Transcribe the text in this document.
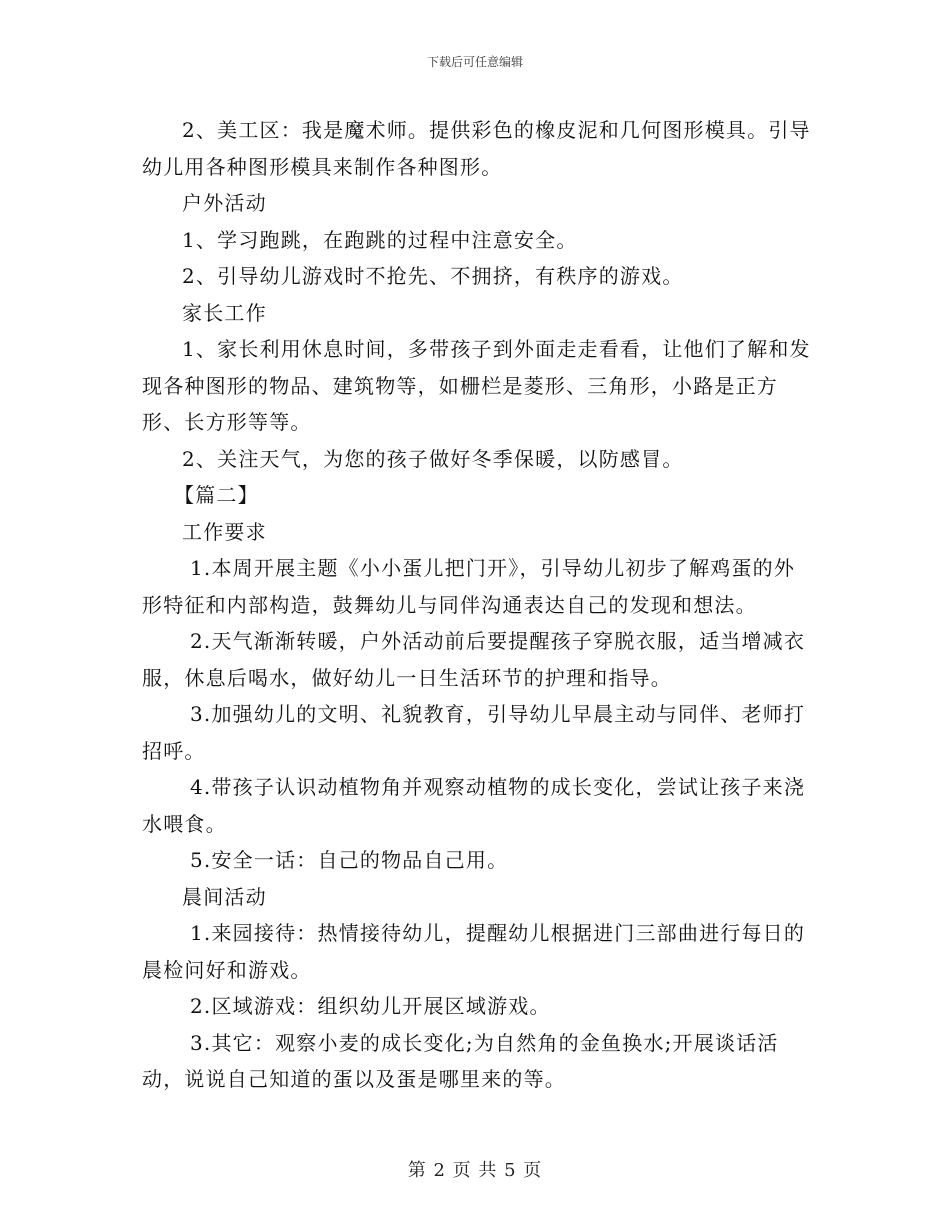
下载后可任意编辑

2、美工区：我是魔术师。提供彩色的橡皮泥和几何图形模具。引导幼儿用各种图形模具来制作各种图形。

户外活动

1、学习跑跳，在跑跳的过程中注意安全。

2、引导幼儿游戏时不抢先、不拥挤，有秩序的游戏。

家长工作

1、家长利用休息时间，多带孩子到外面走走看看，让他们了解和发现各种图形的物品、建筑物等，如栅栏是菱形、三角形，小路是正方形、长方形等等。

2、关注天气，为您的孩子做好冬季保暖，以防感冒。

【篇二】

工作要求

1.本周开展主题《小小蛋儿把门开》，引导幼儿初步了解鸡蛋的外形特征和内部构造，鼓舞幼儿与同伴沟通表达自己的发现和想法。

2.天气渐渐转暖，户外活动前后要提醒孩子穿脱衣服，适当增减衣服，休息后喝水，做好幼儿一日生活环节的护理和指导。

3.加强幼儿的文明、礼貌教育，引导幼儿早晨主动与同伴、老师打招呼。

4.带孩子认识动植物角并观察动植物的成长变化，尝试让孩子来浇水喂食。

5.安全一话：自己的物品自己用。

晨间活动

1.来园接待：热情接待幼儿，提醒幼儿根据进门三部曲进行每日的晨检问好和游戏。

2.区域游戏：组织幼儿开展区域游戏。

3.其它：观察小麦的成长变化;为自然角的金鱼换水;开展谈话活动，说说自己知道的蛋以及蛋是哪里来的等。

第 2 页 共 5 页
